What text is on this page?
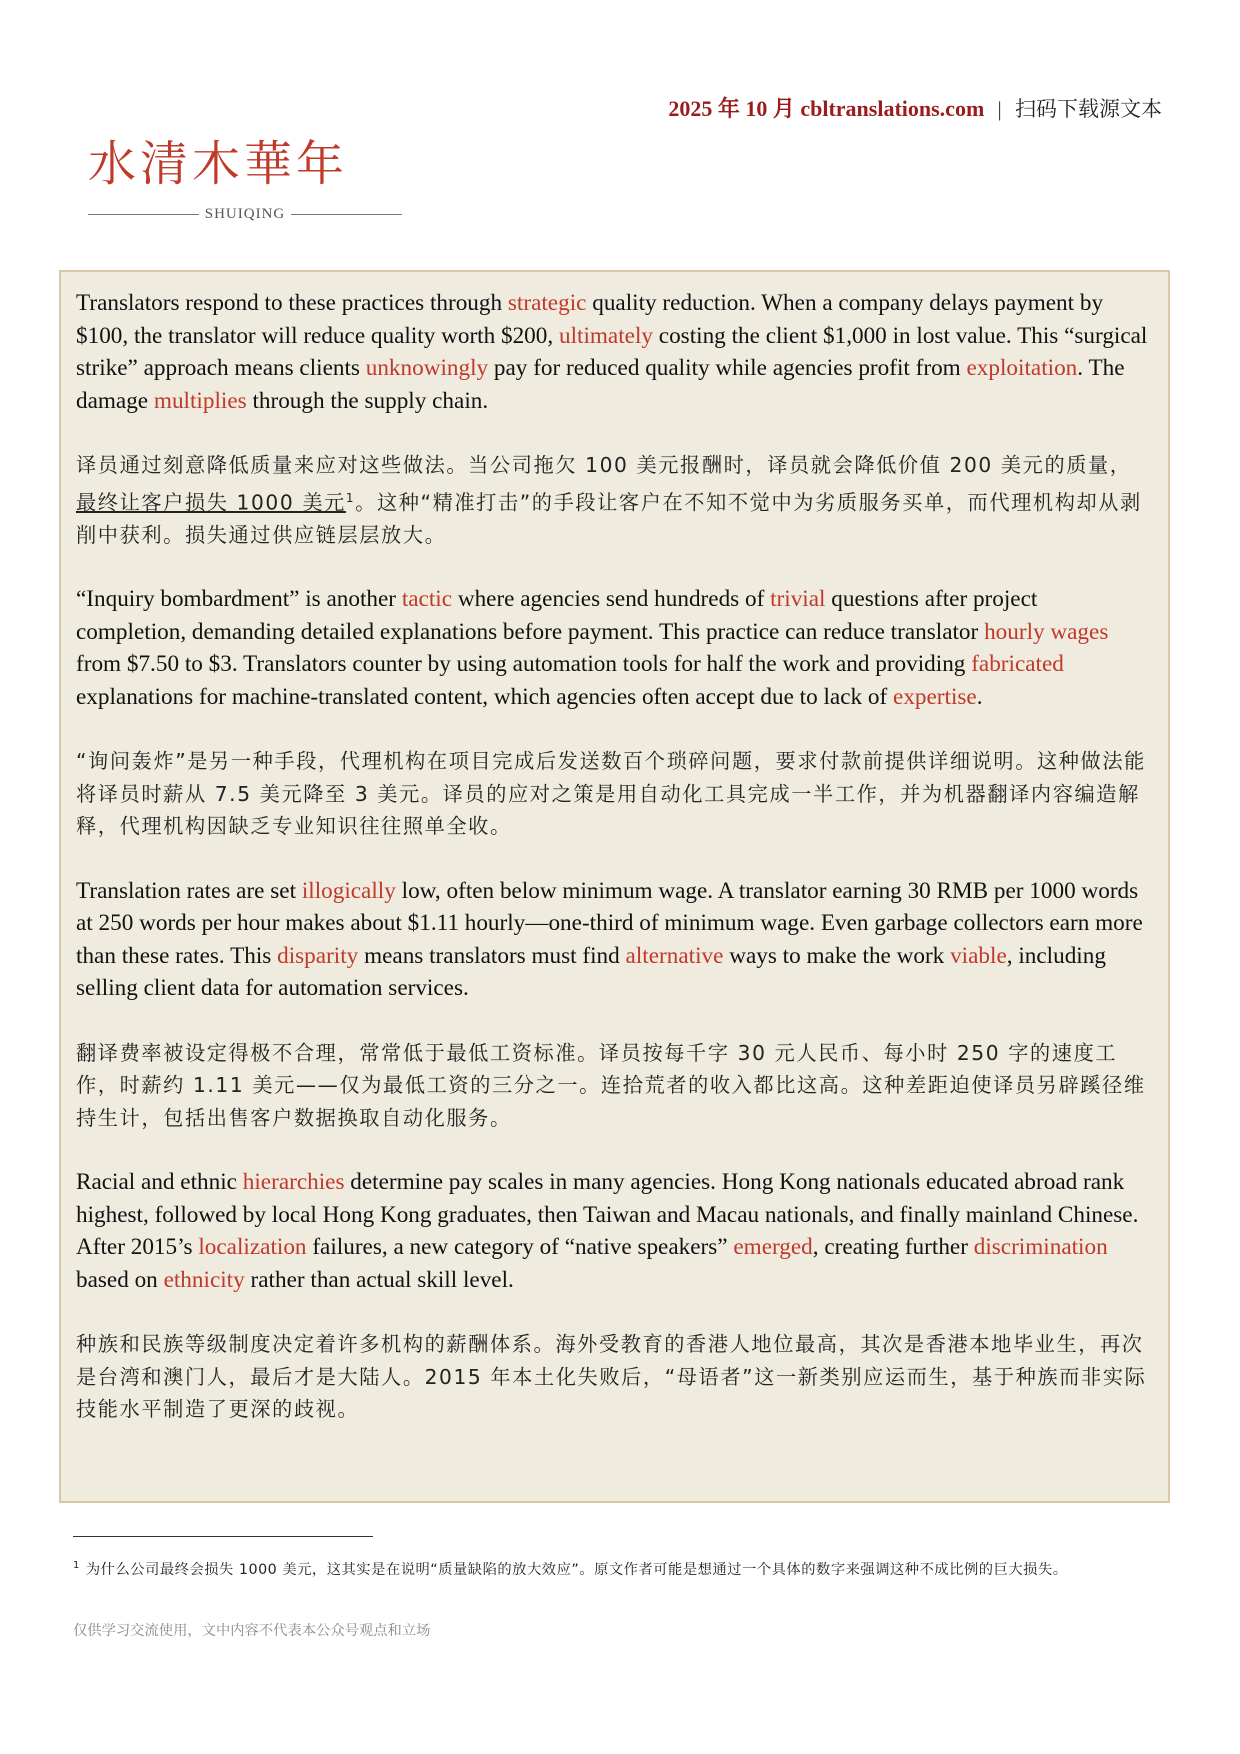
2025 年 10 月 cbltranslations.com | 扫码下载源文本
水清木華年
SHUIQING

Translators respond to these practices through strategic quality reduction. When a company delays payment by $100, the translator will reduce quality worth $200, ultimately costing the client $1,000 in lost value. This “surgical strike” approach means clients unknowingly pay for reduced quality while agencies profit from exploitation. The damage multiplies through the supply chain.

译员通过刻意降低质量来应对这些做法。当公司拖欠 100 美元报酬时，译员就会降低价值 200 美元的质量，最终让客户损失 1000 美元$^1$。这种“精准打击”的手段让客户在不知不觉中为劣质服务买单，而代理机构却从剥削中获利。损失通过供应链层层放大。

“Inquiry bombardment” is another tactic where agencies send hundreds of trivial questions after project completion, demanding detailed explanations before payment. This practice can reduce translator hourly wages from $7.50 to $3. Translators counter by using automation tools for half the work and providing fabricated explanations for machine-translated content, which agencies often accept due to lack of expertise.

“询问轰炸”是另一种手段，代理机构在项目完成后发送数百个琐碎问题，要求付款前提供详细说明。这种做法能将译员时薪从 7.5 美元降至 3 美元。译员的应对之策是用自动化工具完成一半工作，并为机器翻译内容编造解释，代理机构因缺乏专业知识往往照单全收。

Translation rates are set illogically low, often below minimum wage. A translator earning 30 RMB per 1000 words at 250 words per hour makes about $1.11 hourly—one-third of minimum wage. Even garbage collectors earn more than these rates. This disparity means translators must find alternative ways to make the work viable, including selling client data for automation services.

翻译费率被设定得极不合理，常常低于最低工资标准。译员按每千字 30 元人民币、每小时 250 字的速度工作，时薪约 1.11 美元——仅为最低工资的三分之一。连拾荒者的收入都比这高。这种差距迫使译员另辟蹊径维持生计，包括出售客户数据换取自动化服务。

Racial and ethnic hierarchies determine pay scales in many agencies. Hong Kong nationals educated abroad rank highest, followed by local Hong Kong graduates, then Taiwan and Macau nationals, and finally mainland Chinese. After 2015’s localization failures, a new category of “native speakers” emerged, creating further discrimination based on ethnicity rather than actual skill level.

种族和民族等级制度决定着许多机构的薪酬体系。海外受教育的香港人地位最高，其次是香港本地毕业生，再次是台湾和澳门人，最后才是大陆人。2015 年本土化失败后，“母语者”这一新类别应运而生，基于种族而非实际技能水平制造了更深的歧视。

$^1$ 为什么公司最终会损失 1000 美元，这其实是在说明“质量缺陷的放大效应”。原文作者可能是想通过一个具体的数字来强调这种不成比例的巨大损失。
仅供学习交流使用，文中内容不代表本公众号观点和立场
